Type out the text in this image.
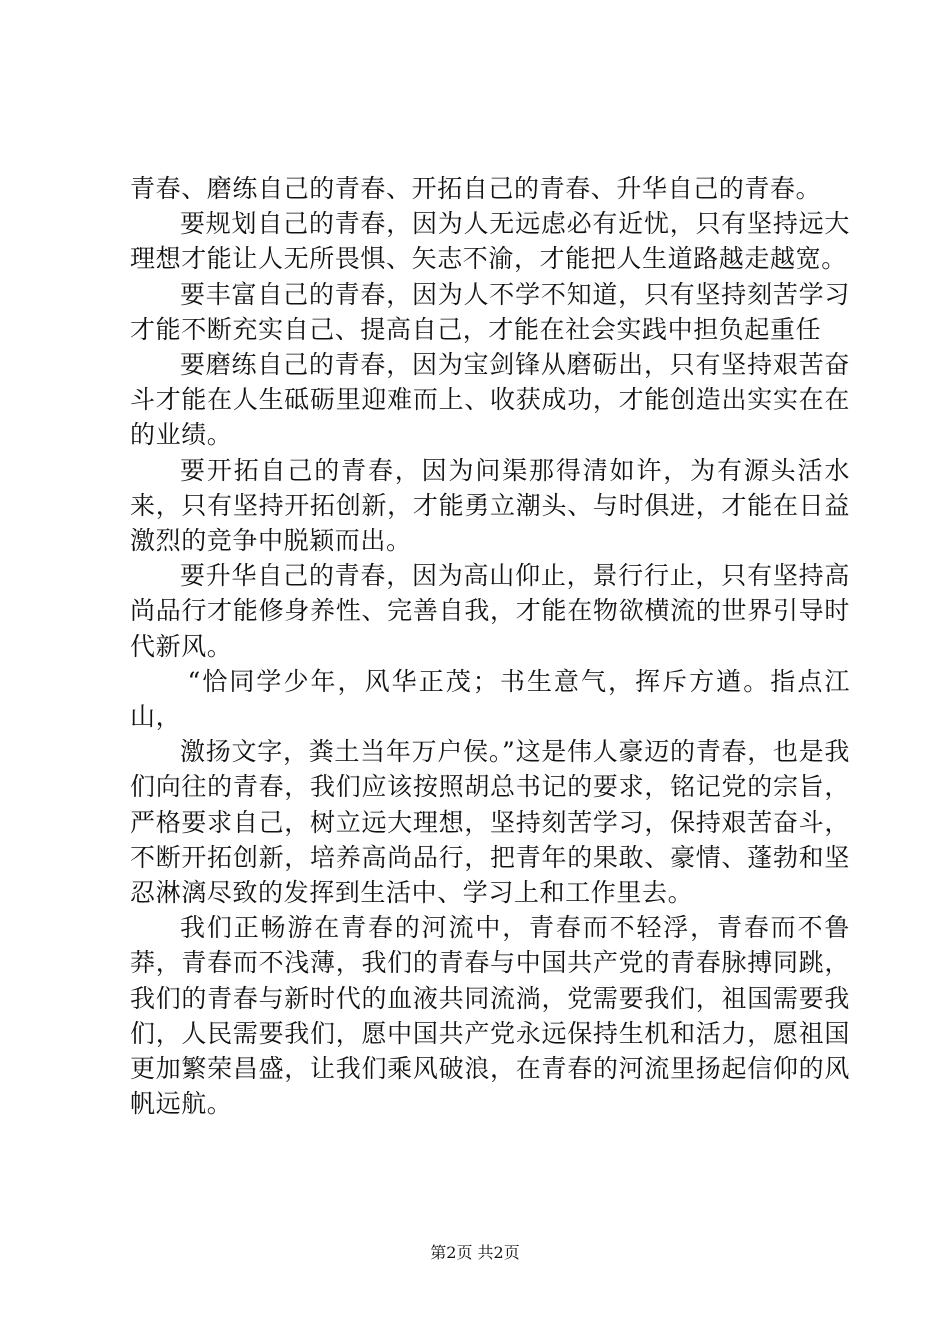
青春、磨练自己的青春、开拓自己的青春、升华自己的青春。

要规划自己的青春，因为人无远虑必有近忧，只有坚持远大理想才能让人无所畏惧、矢志不渝，才能把人生道路越走越宽。

要丰富自己的青春，因为人不学不知道，只有坚持刻苦学习才能不断充实自己、提高自己，才能在社会实践中担负起重任

要磨练自己的青春，因为宝剑锋从磨砺出，只有坚持艰苦奋斗才能在人生砥砺里迎难而上、收获成功，才能创造出实实在在的业绩。

要开拓自己的青春，因为问渠那得清如许，为有源头活水来，只有坚持开拓创新，才能勇立潮头、与时俱进，才能在日益激烈的竞争中脱颖而出。

要升华自己的青春，因为高山仰止，景行行止，只有坚持高尚品行才能修身养性、完善自我，才能在物欲横流的世界引导时代新风。

“恰同学少年，风华正茂；书生意气，挥斥方遒。指点江山，

激扬文字，粪土当年万户侯。”这是伟人豪迈的青春，也是我们向往的青春，我们应该按照胡总书记的要求，铭记党的宗旨，严格要求自己，树立远大理想，坚持刻苦学习，保持艰苦奋斗，不断开拓创新，培养高尚品行，把青年的果敢、豪情、蓬勃和坚忍淋漓尽致的发挥到生活中、学习上和工作里去。

我们正畅游在青春的河流中，青春而不轻浮，青春而不鲁莽，青春而不浅薄，我们的青春与中国共产党的青春脉搏同跳，我们的青春与新时代的血液共同流淌，党需要我们，祖国需要我们，人民需要我们，愿中国共产党永远保持生机和活力，愿祖国更加繁荣昌盛，让我们乘风破浪，在青春的河流里扬起信仰的风帆远航。

第2页 共2页
